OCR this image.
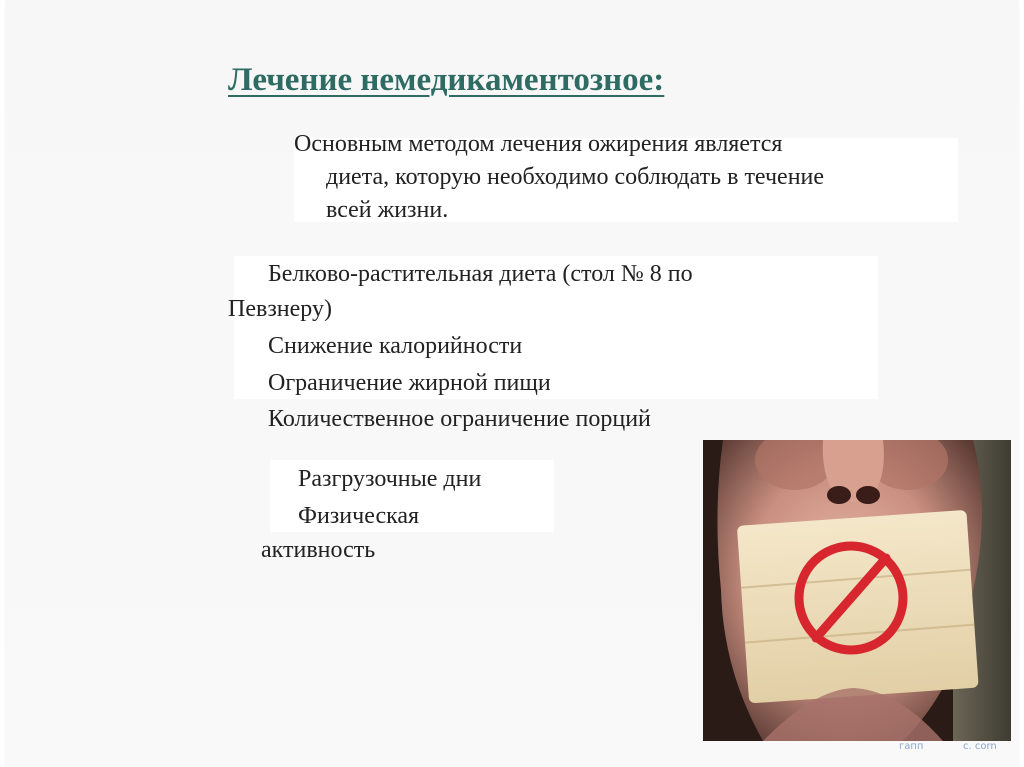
Лечение немедикаментозное:
Основным методом лечения ожирения является
диета, которую необходимо соблюдать в течение
всей жизни.
Белково-растительная диета (стол № 8 по
Певзнеру)
Снижение калорийности
Ограничение жирной пищи
Количественное ограничение порций
Разгрузочные дни
Физическая
активность
гапп	c. corn
